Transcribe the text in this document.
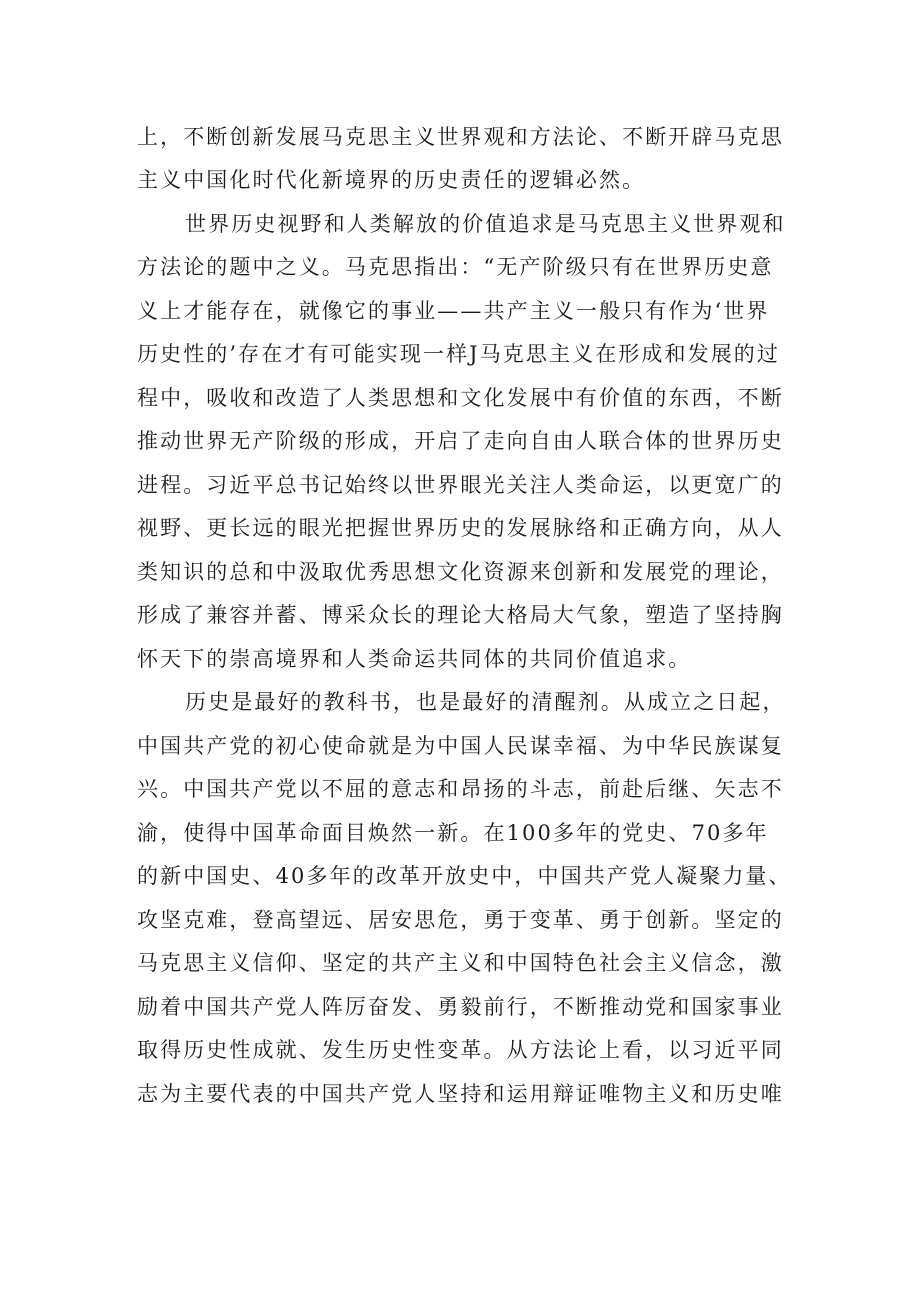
上，不断创新发展马克思主义世界观和方法论、不断开辟马克思
主义中国化时代化新境界的历史责任的逻辑必然。
世界历史视野和人类解放的价值追求是马克思主义世界观和
方法论的题中之义。马克思指出：“无产阶级只有在世界历史意
义上才能存在，就像它的事业——共产主义一般只有作为‘世界
历史性的’存在才有可能实现一样J马克思主义在形成和发展的过
程中，吸收和改造了人类思想和文化发展中有价值的东西，不断
推动世界无产阶级的形成，开启了走向自由人联合体的世界历史
进程。习近平总书记始终以世界眼光关注人类命运，以更宽广的
视野、更长远的眼光把握世界历史的发展脉络和正确方向，从人
类知识的总和中汲取优秀思想文化资源来创新和发展党的理论，
形成了兼容并蓄、博采众长的理论大格局大气象，塑造了坚持胸
怀天下的崇高境界和人类命运共同体的共同价值追求。
历史是最好的教科书，也是最好的清醒剂。从成立之日起，
中国共产党的初心使命就是为中国人民谋幸福、为中华民族谋复
兴。中国共产党以不屈的意志和昂扬的斗志，前赴后继、矢志不
渝，使得中国革命面目焕然一新。在100多年的党史、70多年
的新中国史、40多年的改革开放史中，中国共产党人凝聚力量、
攻坚克难，登高望远、居安思危，勇于变革、勇于创新。坚定的
马克思主义信仰、坚定的共产主义和中国特色社会主义信念，激
励着中国共产党人阵厉奋发、勇毅前行，不断推动党和国家事业
取得历史性成就、发生历史性变革。从方法论上看，以习近平同
志为主要代表的中国共产党人坚持和运用辩证唯物主义和历史唯
